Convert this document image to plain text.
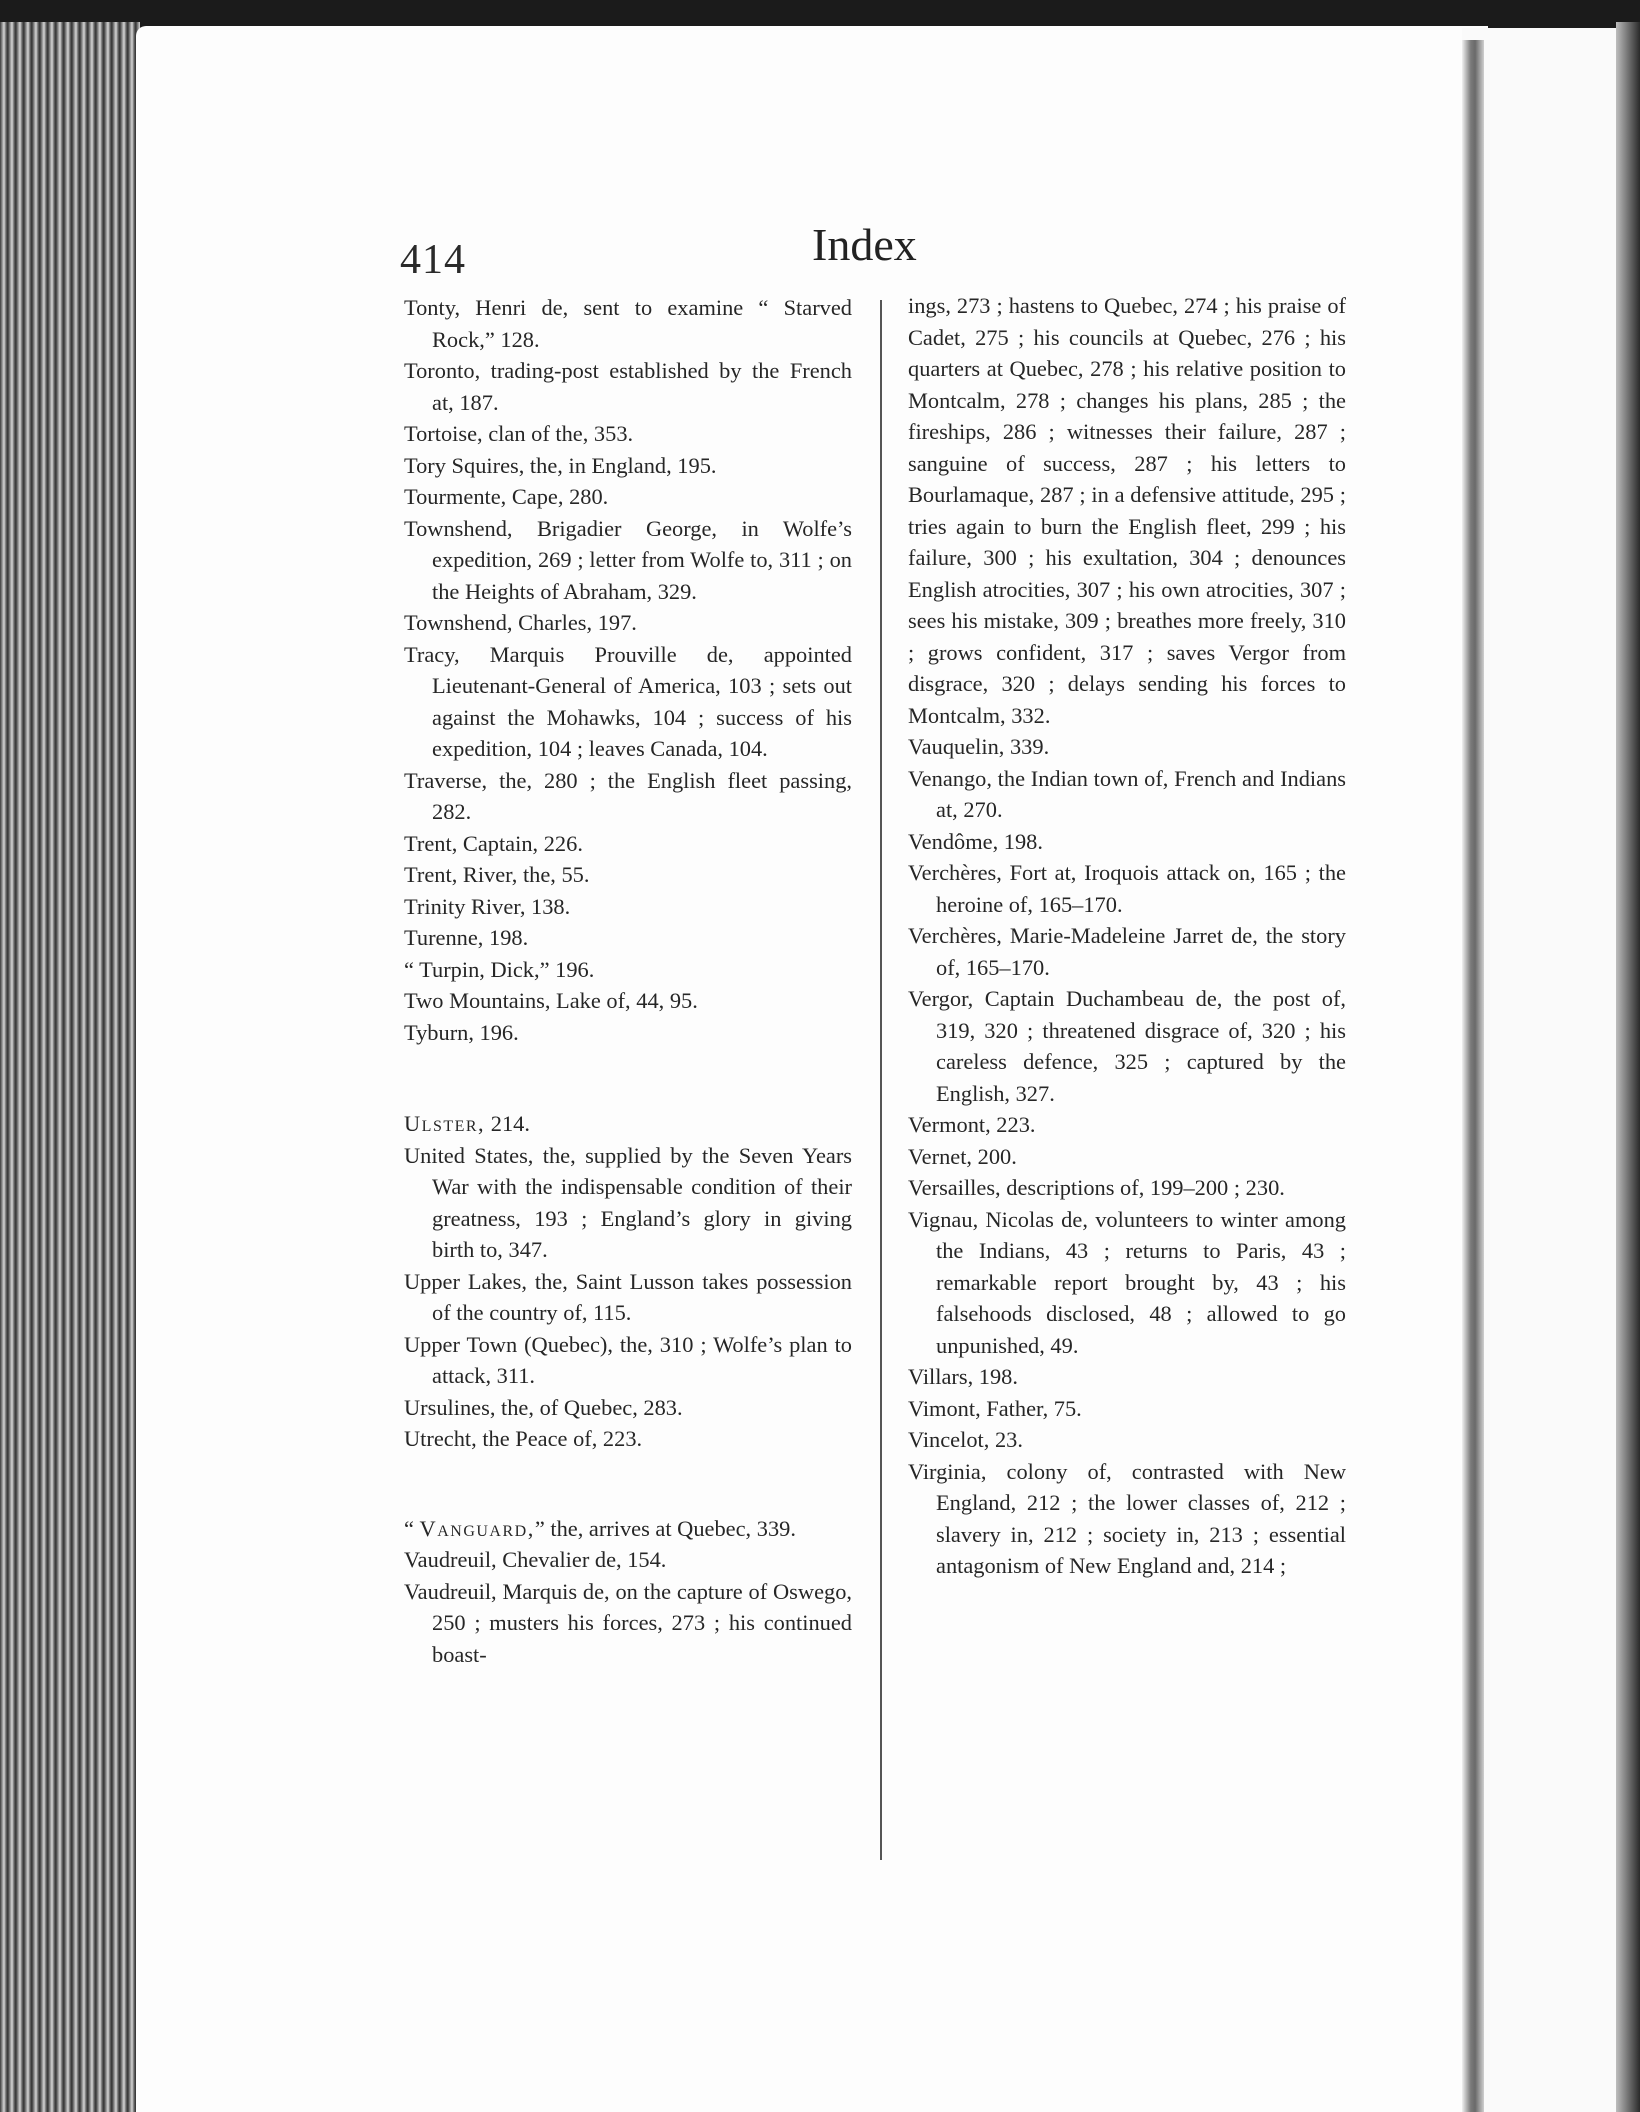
414	Index
Tonty, Henri de, sent to examine “ Starved Rock,” 128.
Toronto, trading-post established by the French at, 187.
Tortoise, clan of the, 353.
Tory Squires, the, in England, 195.
Tourmente, Cape, 280.
Townshend, Brigadier George, in Wolfe’s expedition, 269 ; letter from Wolfe to, 311 ; on the Heights of Abraham, 329.
Townshend, Charles, 197.
Tracy, Marquis Prouville de, appointed Lieutenant-General of America, 103 ; sets out against the Mohawks, 104 ; success of his expedition, 104 ; leaves Canada, 104.
Traverse, the, 280 ; the English fleet passing, 282.
Trent, Captain, 226.
Trent, River, the, 55.
Trinity River, 138.
Turenne, 198.
“ Turpin, Dick,” 196.
Two Mountains, Lake of, 44, 95.
Tyburn, 196.
Ulster, 214.
United States, the, supplied by the Seven Years War with the indispensable condition of their greatness, 193 ; England’s glory in giving birth to, 347.
Upper Lakes, the, Saint Lusson takes possession of the country of, 115.
Upper Town (Quebec), the, 310 ; Wolfe’s plan to attack, 311.
Ursulines, the, of Quebec, 283.
Utrecht, the Peace of, 223.
“ Vanguard,” the, arrives at Quebec, 339.
Vaudreuil, Chevalier de, 154.
Vaudreuil, Marquis de, on the capture of Oswego, 250 ; musters his forces, 273 ; his continued boast-
ings, 273 ; hastens to Quebec, 274 ; his praise of Cadet, 275 ; his councils at Quebec, 276 ; his quarters at Quebec, 278 ; his relative position to Montcalm, 278 ; changes his plans, 285 ; the fireships, 286 ; witnesses their failure, 287 ; sanguine of success, 287 ; his letters to Bourlamaque, 287 ; in a defensive attitude, 295 ; tries again to burn the English fleet, 299 ; his failure, 300 ; his exultation, 304 ; denounces English atrocities, 307 ; his own atrocities, 307 ; sees his mistake, 309 ; breathes more freely, 310 ; grows confident, 317 ; saves Vergor from disgrace, 320 ; delays sending his forces to Montcalm, 332.
Vauquelin, 339.
Venango, the Indian town of, French and Indians at, 270.
Vendôme, 198.
Verchères, Fort at, Iroquois attack on, 165 ; the heroine of, 165–170.
Verchères, Marie-Madeleine Jarret de, the story of, 165–170.
Vergor, Captain Duchambeau de, the post of, 319, 320 ; threatened disgrace of, 320 ; his careless defence, 325 ; captured by the English, 327.
Vermont, 223.
Vernet, 200.
Versailles, descriptions of, 199–200 ; 230.
Vignau, Nicolas de, volunteers to winter among the Indians, 43 ; returns to Paris, 43 ; remarkable report brought by, 43 ; his falsehoods disclosed, 48 ; allowed to go unpunished, 49.
Villars, 198.
Vimont, Father, 75.
Vincelot, 23.
Virginia, colony of, contrasted with New England, 212 ; the lower classes of, 212 ; slavery in, 212 ; society in, 213 ; essential antagonism of New England and, 214 ;
